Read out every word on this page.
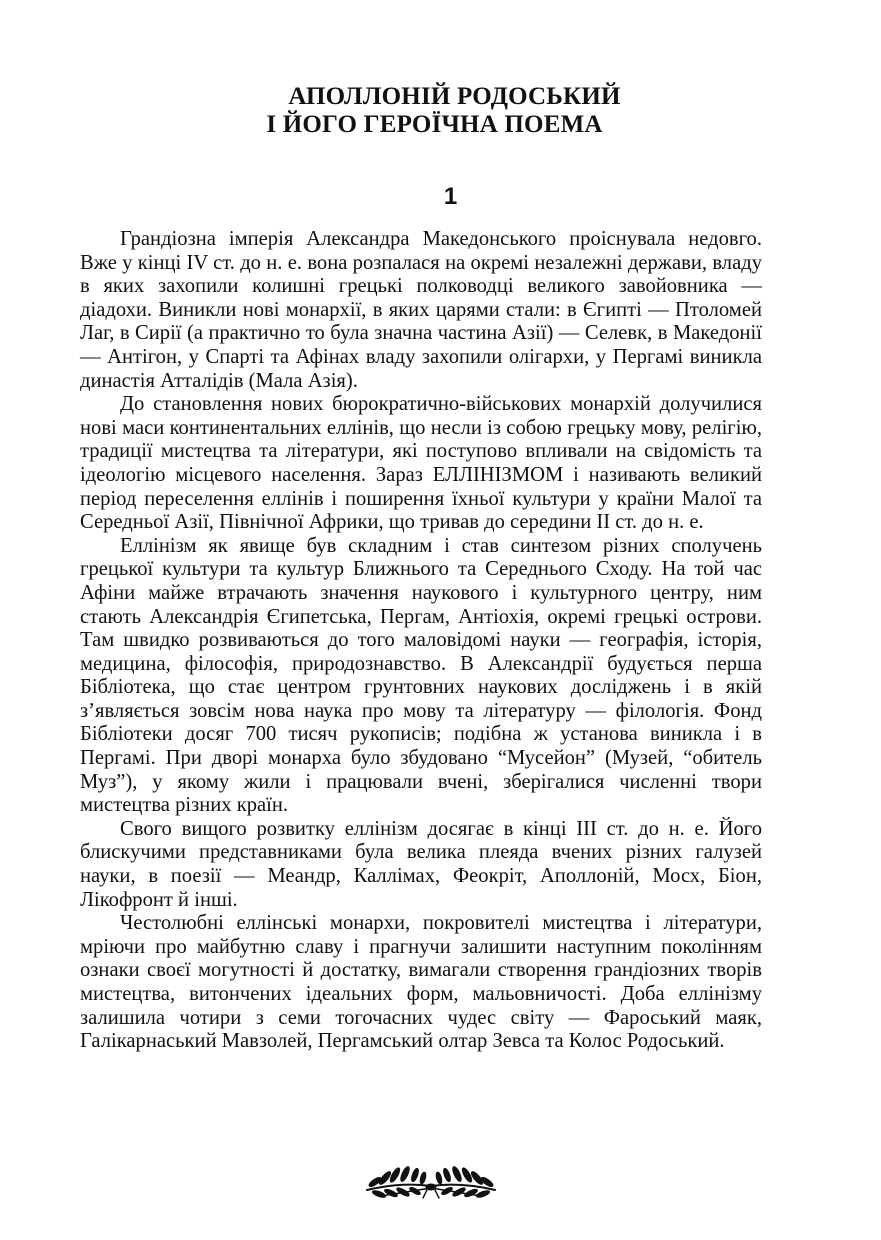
АПОЛЛОНІЙ РОДОСЬКИЙ
І ЙОГО ГЕРОЇЧНА ПОЕМА
1

Грандіозна імперія Александра Македонського проіснувала недовго. Вже у кінці IV ст. до н. е. вона розпалася на окремі незалежні держави, владу в яких захопили колишні грецькі полководці великого завойовника — діадохи. Виникли нові монархії, в яких царями стали: в Єгипті — Птоломей Лаг, в Сирії (а практично то була значна частина Азії) — Селевк, в Македонії — Антігон, у Спарті та Афінах владу захопили олігархи, у Пергамі виникла династія Атталідів (Мала Азія).

До становлення нових бюрократично-військових монархій долучилися нові маси континентальних еллінів, що несли із собою грецьку мову, релігію, традиції мистецтва та літератури, які поступово впливали на свідомість та ідеологію місцевого населення. Зараз ЕЛЛІНІЗМОМ і називають великий період переселення еллінів і поширення їхньої культури у країни Малої та Середньої Азії, Північної Африки, що тривав до середини II ст. до н. е.

Еллінізм як явище був складним і став синтезом різних сполучень грецької культури та культур Ближнього та Середнього Сходу. На той час Афіни майже втрачають значення наукового і культурного центру, ним стають Александрія Єгипетська, Пергам, Антіохія, окремі грецькі острови. Там швидко розвиваються до того маловідомі науки — географія, історія, медицина, філософія, природознавство. В Александрії будується перша Бібліотека, що стає центром грунтовних наукових досліджень і в якій з’являється зовсім нова наука про мову та літературу — філологія. Фонд Бібліотеки досяг 700 тисяч рукописів; подібна ж установа виникла і в Пергамі. При дворі монарха було збудовано “Мусейон” (Музей, “обитель Муз”), у якому жили і працювали вчені, зберігалися численні твори мистецтва різних країн.

Свого вищого розвитку еллінізм досягає в кінці III ст. до н. е. Його блискучими представниками була велика плеяда вчених різних галузей науки, в поезії — Меандр, Каллімах, Феокріт, Аполлоній, Мосх, Біон, Лікофронт й інші.

Честолюбні еллінські монархи, покровителі мистецтва і літератури, мріючи про майбутню славу і прагнучи залишити наступним поколінням ознаки своєї могутності й достатку, вимагали створення грандіозних творів мистецтва, витончених ідеальних форм, мальовничості. Доба еллінізму залишила чотири з семи тогочасних чудес світу — Фароський маяк, Галікарнаський Мавзолей, Пергамський олтар Зевса та Колос Родоський.
